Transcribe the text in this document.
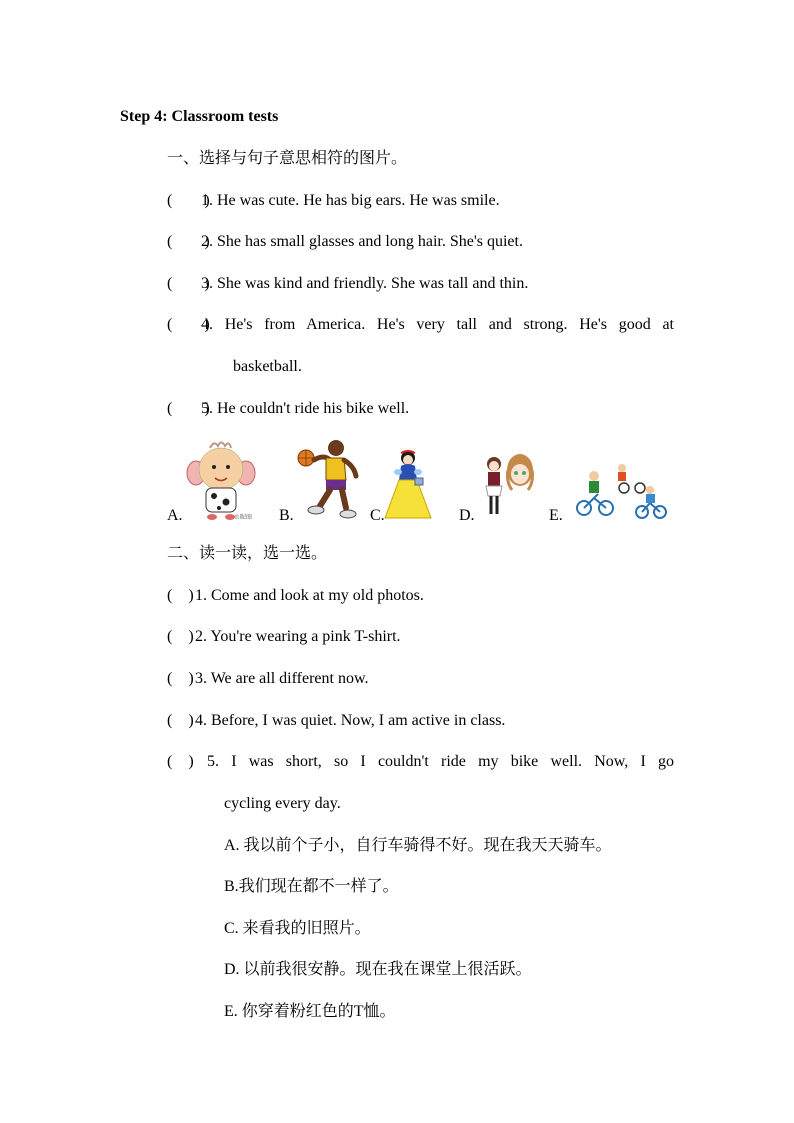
Step 4: Classroom tests
一、选择与句子意思相符的图片。
(　　)1. He was cute. He has big ears. He was smile.
(　　)2. She has small glasses and long hair. She's quiet.
(　　)3. She was kind and friendly. She was tall and thin.
(　　)
4. He's from America. He's very tall and strong. He's good at
basketball.
(　　)5. He couldn't ride his bike well.
A.	©昵图 B.	C.	D.	E.
二、读一读，选一选。
(　)1. Come and look at my old photos.
(　)2. You're wearing a pink T-shirt.
(　)3. We are all different now.
(　)4. Before, I was quiet. Now, I am active in class.
(　) 5. I was short, so I couldn't ride my bike well. Now, I go
cycling every day.
A. 我以前个子小，自行车骑得不好。现在我天天骑车。
B.我们现在都不一样了。
C. 来看我的旧照片。
D. 以前我很安静。现在我在课堂上很活跃。
E. 你穿着粉红色的T恤。
